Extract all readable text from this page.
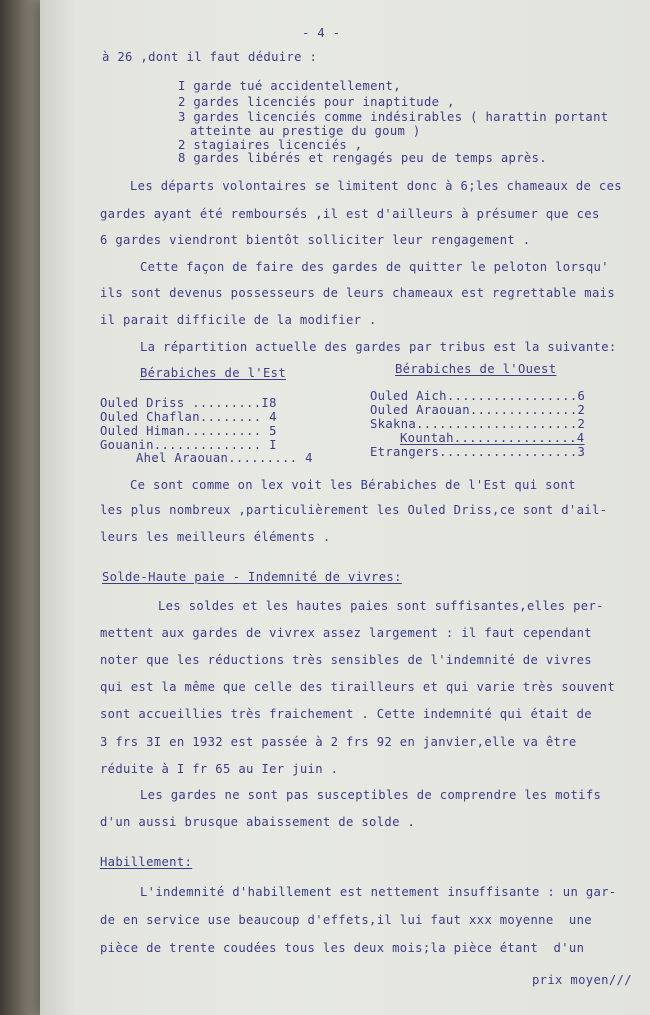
- 4 -
à 26 ,dont il faut déduire :
I garde tué accidentellement,
2 gardes licenciés pour inaptitude ,
3 gardes licenciés comme indésirables ( harattin portant
atteinte au prestige du goum )
2 stagiaires licenciés ,
8 gardes libérés et rengagés peu de temps après.
Les départs volontaires se limitent donc à 6;les chameaux de ces
gardes ayant été remboursés ,il est d'ailleurs à présumer que ces
6 gardes viendront bientôt solliciter leur rengagement .
Cette façon de faire des gardes de quitter le peloton lorsqu'
ils sont devenus possesseurs de leurs chameaux est regrettable mais
il parait difficile de la modifier .
La répartition actuelle des gardes par tribus est la suivante:
Bérabiches de l'Est	Bérabiches de l'Ouest
Ouled Driss .........I8
Ouled Chaflan........ 4
Ouled Himan.......... 5
Gouanin.............. I
Ahel Araouan......... 4
Ouled Aich.................6
Ouled Araouan..............2
Skakna.....................2
Kountah................4
Etrangers..................3
Ce sont comme on lex voit les Bérabiches de l'Est qui sont
les plus nombreux ,particulièrement les Ouled Driss,ce sont d'ail-
leurs les meilleurs éléments .
Solde-Haute paie - Indemnité de vivres:
Les soldes et les hautes paies sont suffisantes,elles per-
mettent aux gardes de vivrex assez largement : il faut cependant
noter que les réductions très sensibles de l'indemnité de vivres
qui est la même que celle des tirailleurs et qui varie très souvent
sont accueillies très fraichement . Cette indemnité qui était de
3 frs 3I en 1932 est passée à 2 frs 92 en janvier,elle va être
réduite à I fr 65 au Ier juin .
Les gardes ne sont pas susceptibles de comprendre les motifs
d'un aussi brusque abaissement de solde .
Habillement:
L'indemnité d'habillement est nettement insuffisante : un gar-
de en service use beaucoup d'effets,il lui faut xxx moyenne  une
pièce de trente coudées tous les deux mois;la pièce étant  d'un
prix moyen///
